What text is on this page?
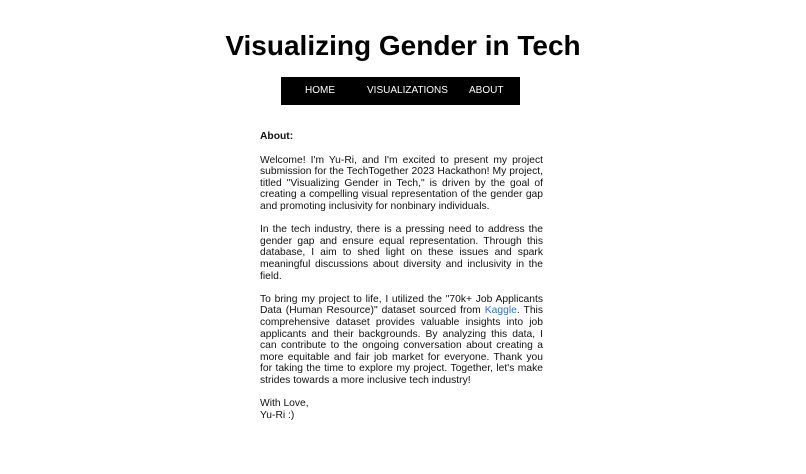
Visualizing Gender in Tech
HOME	VISUALIZATIONS ABOUT

About:

Welcome! I'm Yu-Ri, and I'm excited to present my project submission for the TechTogether 2023 Hackathon! My project, titled "Visualizing Gender in Tech," is driven by the goal of creating a compelling visual representation of the gender gap and promoting inclusivity for nonbinary individuals.

In the tech industry, there is a pressing need to address the gender gap and ensure equal representation. Through this database, I aim to shed light on these issues and spark meaningful discussions about diversity and inclusivity in the field.

To bring my project to life, I utilized the "70k+ Job Applicants Data (Human Resource)" dataset sourced from Kaggle. This comprehensive dataset provides valuable insights into job applicants and their backgrounds. By analyzing this data, I can contribute to the ongoing conversation about creating a more equitable and fair job market for everyone. Thank you for taking the time to explore my project. Together, let's make strides towards a more inclusive tech industry!

With Love,

Yu-Ri :)
